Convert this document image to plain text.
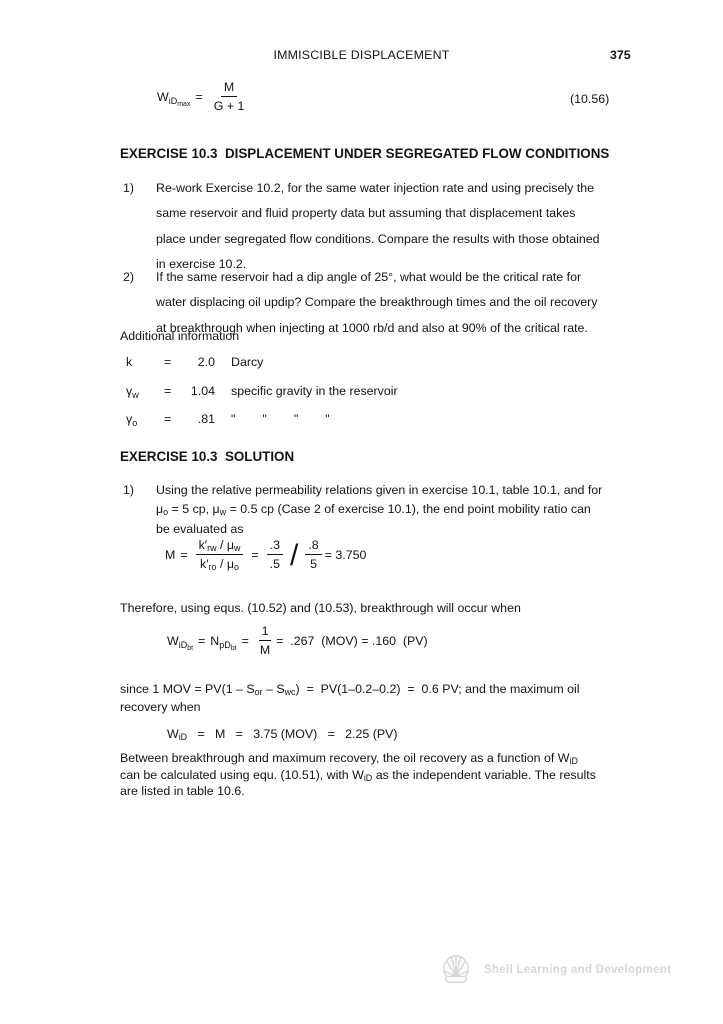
IMMISCIBLE DISPLACEMENT	375
$W_{iDmax}$
= $\frac{M}{G + 1}$	(10.56)
EXERCISE 10.3  DISPLACEMENT UNDER SEGREGATED FLOW CONDITIONS
1)	Re-work Exercise 10.2, for the same water injection rate and using precisely the
same reservoir and fluid property data but assuming that displacement takes
place under segregated flow conditions. Compare the results with those obtained
in exercise 10.2.
2)	If the same reservoir had a dip angle of 25°, what would be the critical rate for
water displacing oil updip? Compare the breakthrough times and the oil recovery
at breakthrough when injecting at 1000 rb/d and also at 90% of the critical rate.
Additional information
k	=	2.0 Darcy
$\gamma_w$	=	1.04 specific gravity in the reservoir
$\gamma_o$	=	.81 " " " "
EXERCISE 10.3  SOLUTION
1)	Using the relative permeability relations given in exercise 10.1, table 10.1, and for
$\mu_o = 5$ cp, $\mu_w = 0.5$ cp (Case 2 of exercise 10.1), the end point mobility ratio can
be evaluated as
$M = \frac{k'_{rw} / \mu_w}{k'_{ro} / \mu_o} = \frac{.3}{.5} / \frac{.8}{5} = 3.750$
Therefore, using equs. (10.52) and (10.53), breakthrough will occur when
$W_{iDbt}$
= $N_{pDbt}$
= $\frac{1}{M} = .267$  (MOV) = .160  (PV)
since 1 MOV = $PV(1 - S_{or} - S_{wc}) = PV(1-0.2-0.2) = 0.6$ PV; and the maximum oil
recovery when
$W_{iD} = M = 3.75$ (MOV)   =   2.25 (PV)
Between breakthrough and maximum recovery, the oil recovery as a function of $W_{iD}$
can be calculated using equ. (10.51), with $W_{iD}$ as the independent variable. The results
are listed in table 10.6.
Shell Learning and Development
